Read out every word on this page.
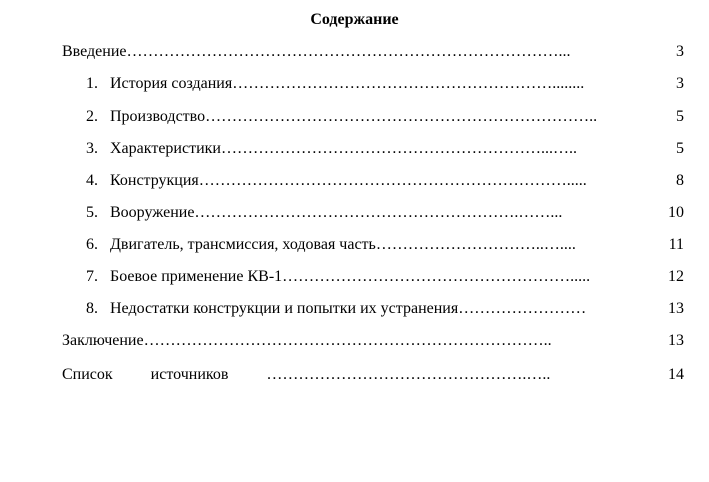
Содержание
Введение ………………………………………………………………………...	3
1. История создания ……………………………………………………........	3
2. Производство ………………………………………………………………..	5
3. Характеристики ……………………………………………………...…..	5
4. Конструкция …………………………………………………………….....	8
5. Вооружение …………………………………………………….……...	10
6. Двигатель, трансмиссия, ходовая часть …………………………..…....	11
7. Боевое применение КВ-1 ……………………………………………….....	12
8. Недостатки конструкции и попытки их устранения ……………………	13
Заключение …………………………………………………………………..	13
Список источников ………………………………………….…..	14
